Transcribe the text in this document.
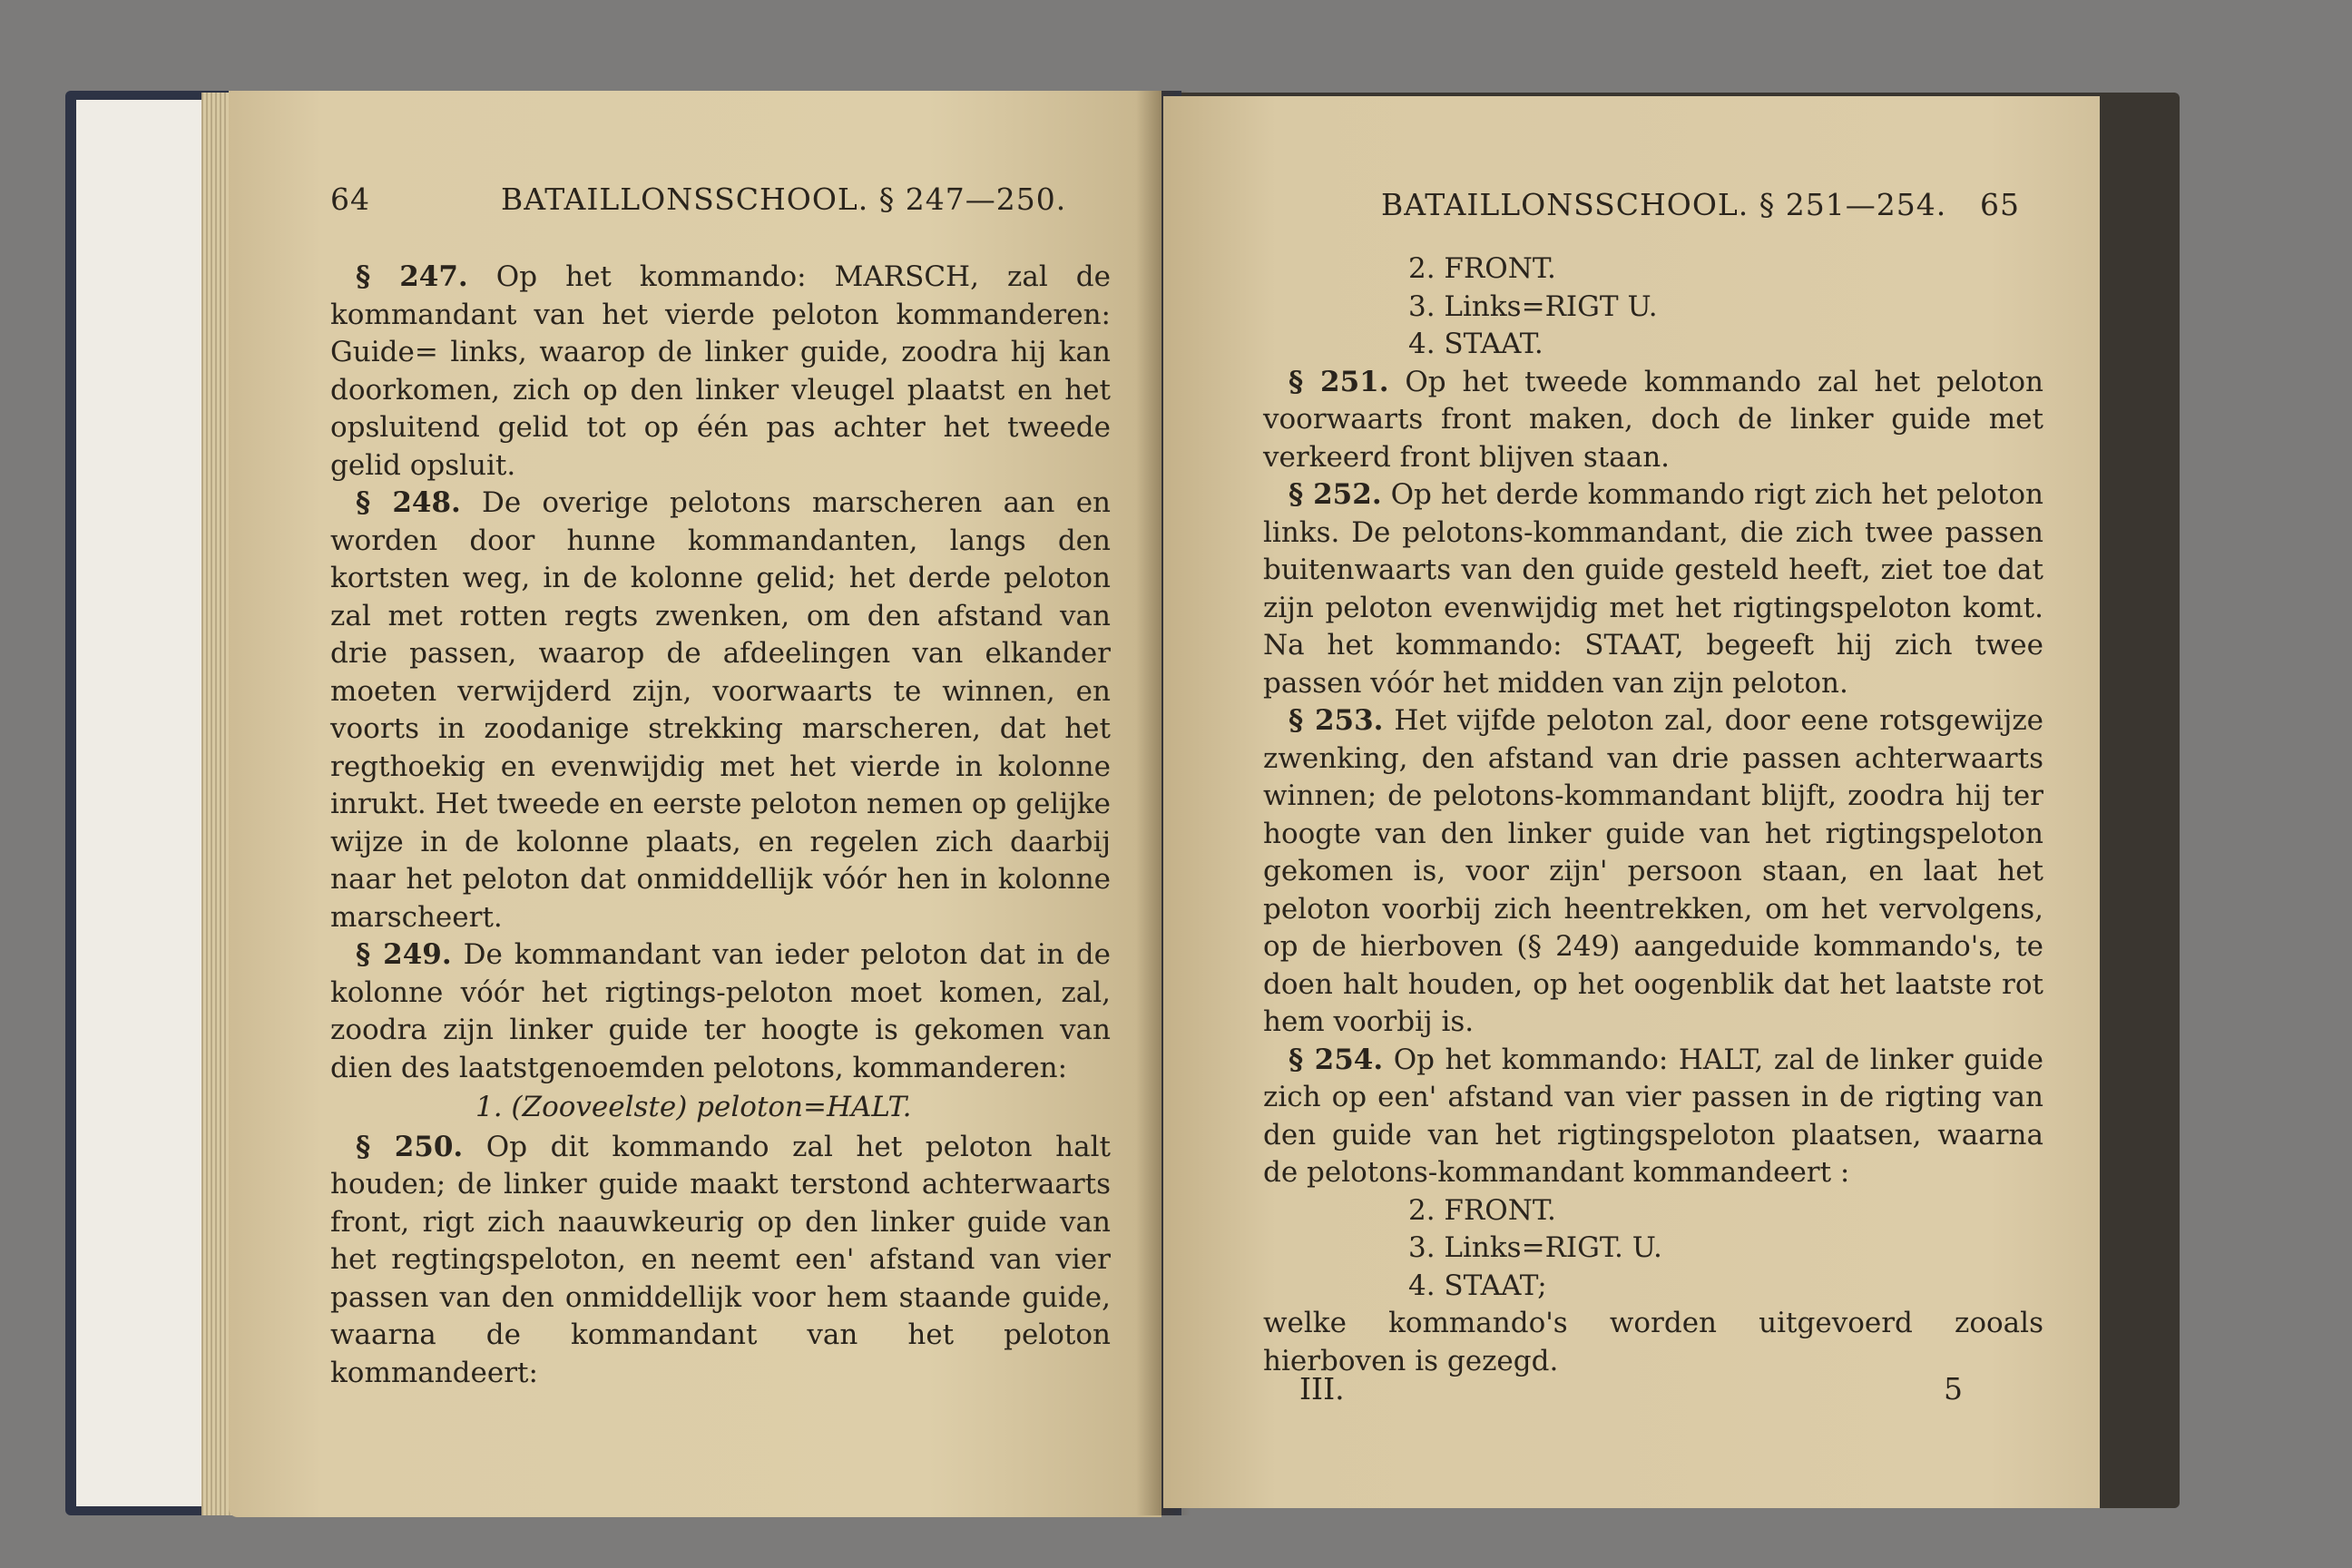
64	BATAILLONSSCHOOL. § 247—250.

§ 247. Op het kommando: MARSCH, zal de kommandant van het vierde peloton kommanderen: Guide= links, waarop de linker guide, zoodra hij kan doorkomen, zich op den linker vleugel plaatst en het opsluitend gelid tot op één pas achter het tweede gelid opsluit.

§ 248. De overige pelotons marscheren aan en worden door hunne kommandanten, langs den kortsten weg, in de kolonne gelid; het derde peloton zal met rotten regts zwenken, om den afstand van drie passen, waarop de afdeelingen van elkander moeten verwijderd zijn, voorwaarts te winnen, en voorts in zoodanige strekking marscheren, dat het regthoekig en evenwijdig met het vierde in kolonne inrukt. Het tweede en eerste peloton nemen op gelijke wijze in de kolonne plaats, en regelen zich daarbij naar het peloton dat onmiddellijk vóór hen in kolonne marscheert.

§ 249. De kommandant van ieder peloton dat in de kolonne vóór het rigtings-peloton moet komen, zal, zoodra zijn linker guide ter hoogte is gekomen van dien des laatstgenoemden pelotons, kommanderen:

1. (Zooveelste) peloton=HALT.

§ 250. Op dit kommando zal het peloton halt houden; de linker guide maakt terstond achterwaarts front, rigt zich naauwkeurig op den linker guide van het regtingspeloton, en neemt een' afstand van vier passen van den onmiddellijk voor hem staande guide, waarna de kommandant van het peloton kommandeert:

BATAILLONSSCHOOL. § 251—254. 65

2. FRONT.

3. Links=RIGT U.

4. STAAT.

§ 251. Op het tweede kommando zal het peloton voorwaarts front maken, doch de linker guide met verkeerd front blijven staan.

§ 252. Op het derde kommando rigt zich het peloton links. De pelotons-kommandant, die zich twee passen buitenwaarts van den guide gesteld heeft, ziet toe dat zijn peloton evenwijdig met het rigtingspeloton komt. Na het kommando: STAAT, begeeft hij zich twee passen vóór het midden van zijn peloton.

§ 253. Het vijfde peloton zal, door eene rotsgewijze zwenking, den afstand van drie passen achterwaarts winnen; de pelotons-kommandant blijft, zoodra hij ter hoogte van den linker guide van het rigtingspeloton gekomen is, voor zijn' persoon staan, en laat het peloton voorbij zich heentrekken, om het vervolgens, op de hierboven (§ 249) aangeduide kommando's, te doen halt houden, op het oogenblik dat het laatste rot hem voorbij is.

§ 254. Op het kommando: HALT, zal de linker guide zich op een' afstand van vier passen in de rigting van den guide van het rigtingspeloton plaatsen, waarna de pelotons-kommandant kommandeert :

2. FRONT.

3. Links=RIGT. U.

4. STAAT;

welke kommando's worden uitgevoerd zooals hierboven is gezegd.

III.	5
